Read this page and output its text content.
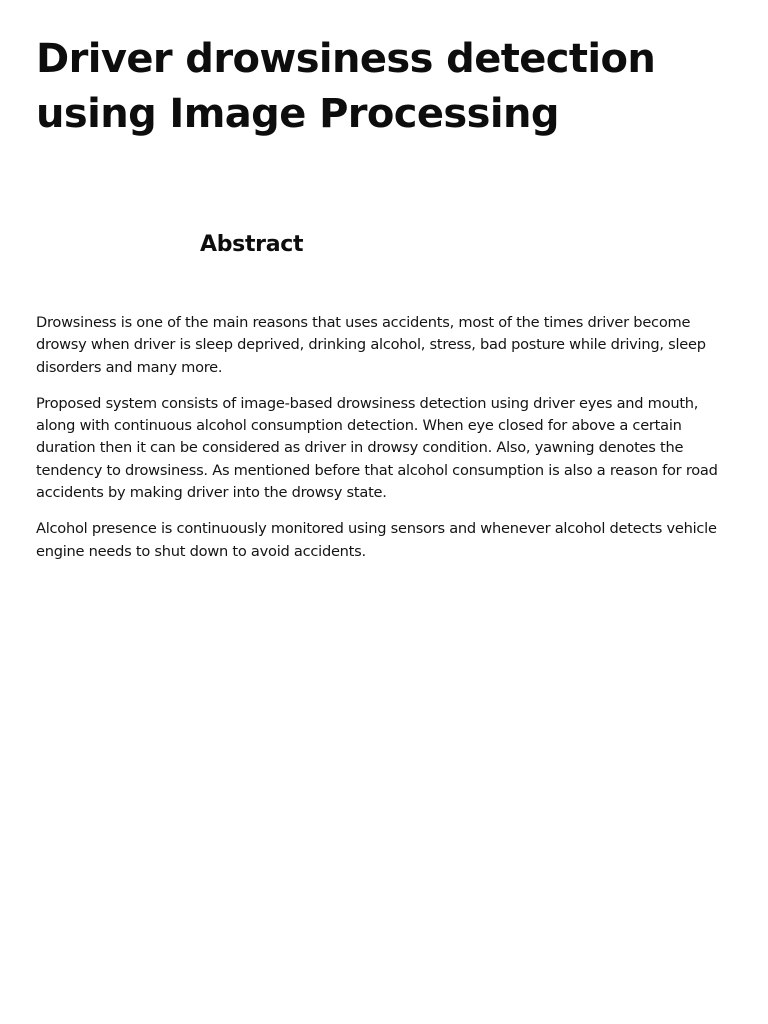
Driver drowsiness detection using Image Processing
Abstract

Drowsiness is one of the main reasons that uses accidents, most of the times driver become drowsy when driver is sleep deprived, drinking alcohol, stress, bad posture while driving, sleep disorders and many more.

Proposed system consists of image-based drowsiness detection using driver eyes and mouth, along with continuous alcohol consumption detection. When eye closed for above a certain duration then it can be considered as driver in drowsy condition. Also, yawning denotes the tendency to drowsiness. As mentioned before that alcohol consumption is also a reason for road accidents by making driver into the drowsy state.

Alcohol presence is continuously monitored using sensors and whenever alcohol detects vehicle engine needs to shut down to avoid accidents.
